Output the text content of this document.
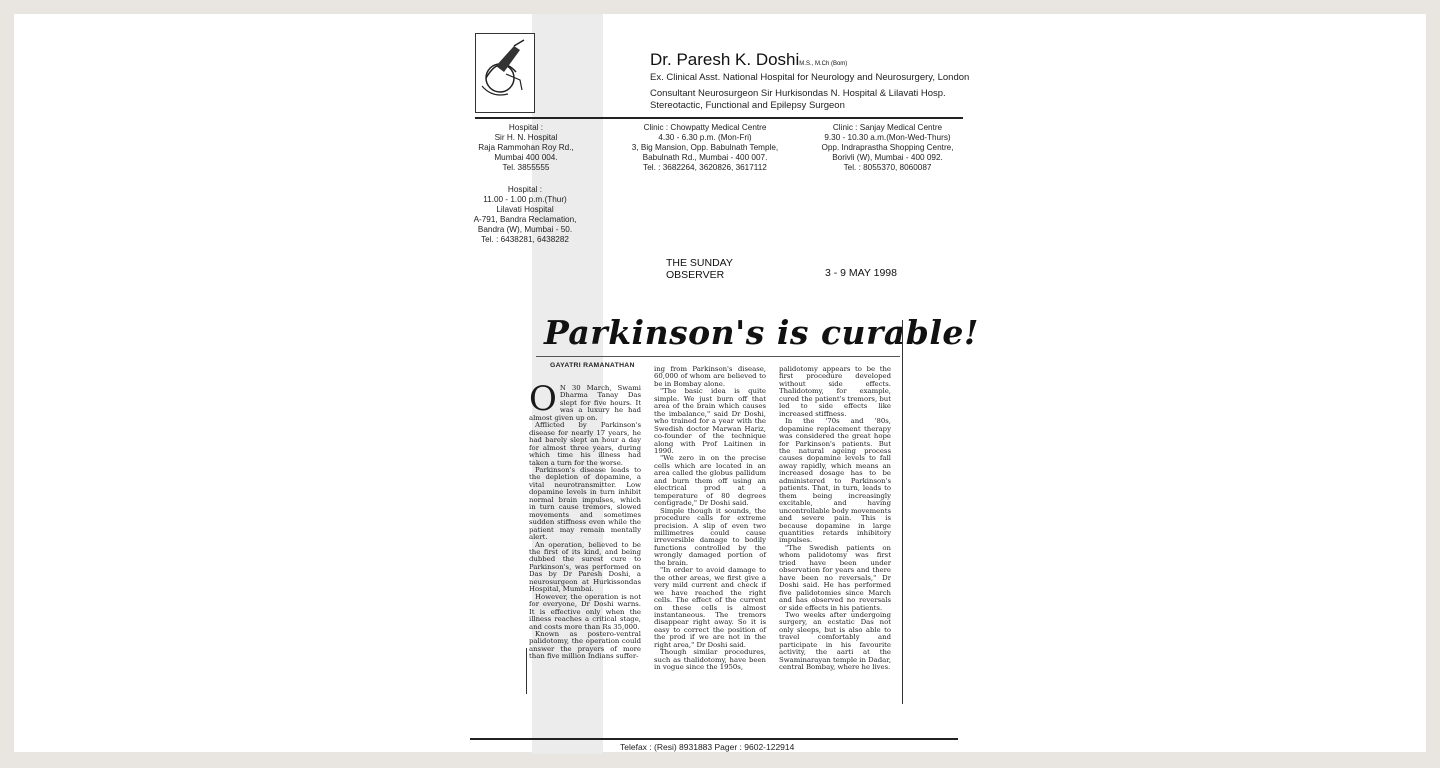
Dr. Paresh K. DoshiM.S., M.Ch (Bom)
Ex. Clinical Asst. National Hospital for Neurology and Neurosurgery, London
Consultant Neurosurgeon Sir Hurkisondas N. Hospital & Lilavati Hosp.
Stereotactic, Functional and Epilepsy Surgeon
Hospital :
Sir H. N. Hospital
Raja Rammohan Roy Rd.,
Mumbai 400 004.
Tel. 3855555
Clinic : Chowpatty Medical Centre
4.30 - 6.30 p.m. (Mon-Fri)
3, Big Mansion, Opp. Babulnath Temple,
Babulnath Rd., Mumbai - 400 007.
Tel. : 3682264, 3620826, 3617112
Clinic : Sanjay Medical Centre
9.30 - 10.30 a.m.(Mon-Wed-Thurs)
Opp. Indraprastha Shopping Centre,
Borivli (W), Mumbai - 400 092.
Tel. : 8055370, 8060087
Hospital :
11.00 - 1.00 p.m.(Thur)
Lilavati Hospital
A-791, Bandra Reclamation,
Bandra (W), Mumbai - 50.
Tel. : 6438281, 6438282
THE SUNDAY
OBSERVER	3 - 9 MAY 1998
Parkinson's is curable!
GAYATRI RAMANATHAN
O N 30 March, Swami Dharma Tanay Das slept for five hours. It was a luxury he had almost given up on.

Afflicted by Parkinson's disease for nearly 17 years, he had barely slept an hour a day for almost three years, during which time his illness had taken a turn for the worse.

Parkinson's disease leads to the depletion of dopamine, a vital neurotransmitter. Low dopamine levels in turn inhibit normal brain impulses, which in turn cause tremors, slowed movements and sometimes sudden stiffness even while the patient may remain mentally alert.

An operation, believed to be the first of its kind, and being dubbed the surest cure to Parkinson's, was performed on Das by Dr Paresh Doshi, a neurosurgeon at Hurkissondas Hospital, Mumbai.

However, the operation is not for everyone, Dr Doshi warns. It is effective only when the illness reaches a critical stage, and costs more than Rs 35,000.

Known as postero-ventral palidotomy, the operation could answer the prayers of more than five million Indians suffer-

ing from Parkinson's disease, 60,000 of whom are believed to be in Bombay alone.

"The basic idea is quite simple. We just burn off that area of the brain which causes the imbalance," said Dr Doshi, who trained for a year with the Swedish doctor Marwan Hariz, co-founder of the technique along with Prof Laitinen in 1990.

"We zero in on the precise cells which are located in an area called the globus pallidum and burn them off using an electrical prod at a temperature of 80 degrees centigrade," Dr Doshi said.

Simple though it sounds, the procedure calls for extreme precision. A slip of even two millimetres could cause irreversible damage to bodily functions controlled by the wrongly damaged portion of the brain.

"In order to avoid damage to the other areas, we first give a very mild current and check if we have reached the right cells. The effect of the current on these cells is almost instantaneous. The tremors disappear right away. So it is easy to correct the position of the prod if we are not in the right area," Dr Doshi said.

Though similar procedures, such as thalidotomy, have been in vogue since the 1950s,

palidotomy appears to be the first procedure developed without side effects. Thalidotomy, for example, cured the patient's tremors, but led to side effects like increased stiffness.

In the '70s and '80s, dopamine replacement therapy was considered the great hope for Parkinson's patients. But the natural ageing process causes dopamine levels to fall away rapidly, which means an increased dosage has to be administered to Parkinson's patients. That, in turn, leads to them being increasingly excitable, and having uncontrollable body movements and severe pain. This is because dopamine in large quantities retards inhibitory impulses.

"The Swedish patients on whom palidotomy was first tried have been under observation for years and there have been no reversals," Dr Doshi said. He has performed five palidotomies since March and has observed no reversals or side effects in his patients.

Two weeks after undergoing surgery, an ecstatic Das not only sleeps, but is also able to travel comfortably and participate in his favourite activity, the aarti at the Swaminarayan temple in Dadar, central Bombay, where he lives.

Telefax : (Resi) 8931883 Pager : 9602-122914
